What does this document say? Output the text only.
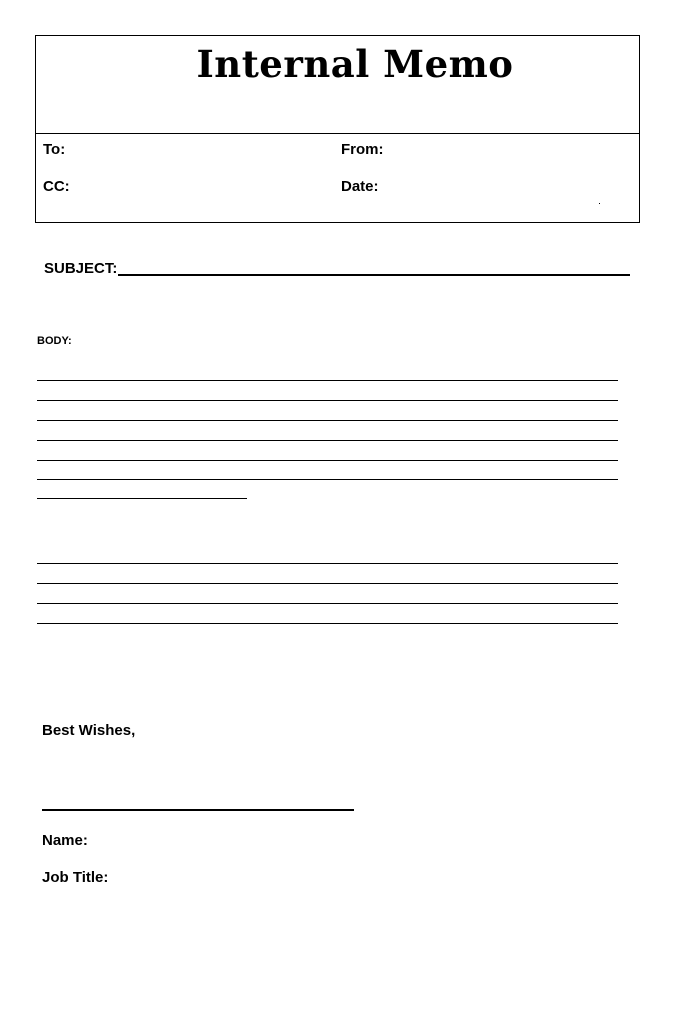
Internal Memo
To:	From:
CC:	Date:
SUBJECT:
BODY:
Best Wishes,
Name:
Job Title:
